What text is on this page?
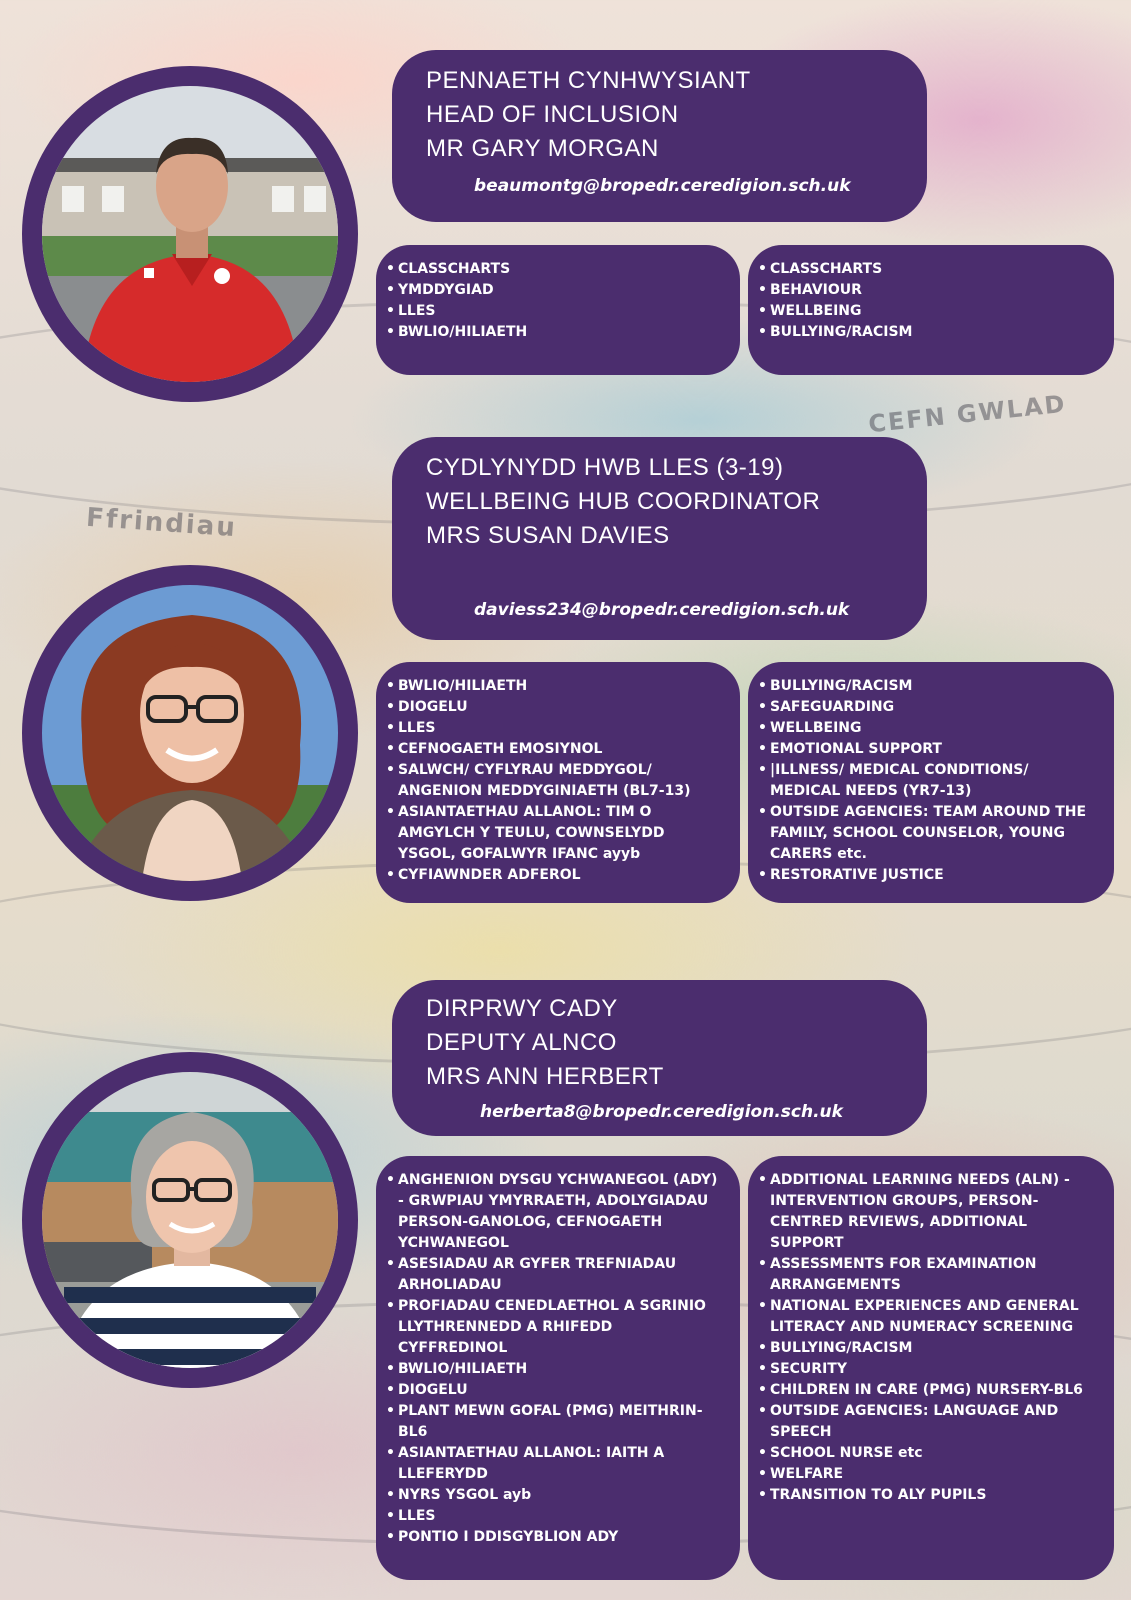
CEFN GWLAD
Ffrindiau
PENNAETH CYNHWYSIANT
HEAD OF INCLUSION
MR GARY MORGAN
beaumontg@bropedr.ceredigion.sch.uk
• CLASSCHARTS
• YMDDYGIAD
• LLES
• BWLIO/HILIAETH
• CLASSCHARTS
• BEHAVIOUR
• WELLBEING
• BULLYING/RACISM
CYDLYNYDD HWB LLES (3-19)
WELLBEING HUB COORDINATOR
MRS SUSAN DAVIES
daviess234@bropedr.ceredigion.sch.uk
• BWLIO/HILIAETH
• DIOGELU
• LLES
• CEFNOGAETH EMOSIYNOL
• SALWCH/ CYFLYRAU MEDDYGOL/ ANGENION MEDDYGINIAETH (BL7-13)
• ASIANTAETHAU ALLANOL: TIM O AMGYLCH Y TEULU, COWNSELYDD YSGOL, GOFALWYR IFANC ayyb
• CYFIAWNDER ADFEROL
• BULLYING/RACISM
• SAFEGUARDING
• WELLBEING
• EMOTIONAL SUPPORT
• |ILLNESS/ MEDICAL CONDITIONS/ MEDICAL NEEDS (YR7-13)
• OUTSIDE AGENCIES: TEAM AROUND THE FAMILY, SCHOOL COUNSELOR, YOUNG CARERS etc.
• RESTORATIVE JUSTICE
DIRPRWY CADY
DEPUTY ALNCO
MRS ANN HERBERT
herberta8@bropedr.ceredigion.sch.uk
• ANGHENION DYSGU YCHWANEGOL (ADY) - GRWPIAU YMYRRAETH, ADOLYGIADAU PERSON-GANOLOG, CEFNOGAETH YCHWANEGOL
• ASESIADAU AR GYFER TREFNIADAU ARHOLIADAU
• PROFIADAU CENEDLAETHOL A SGRINIO LLYTHRENNEDD A RHIFEDD CYFFREDINOL
• BWLIO/HILIAETH
• DIOGELU
• PLANT MEWN GOFAL (PMG) MEITHRIN-BL6
• ASIANTAETHAU ALLANOL: IAITH A LLEFERYDD
• NYRS YSGOL ayb
• LLES
• PONTIO I DDISGYBLION ADY
• ADDITIONAL LEARNING NEEDS (ALN) - INTERVENTION GROUPS, PERSON-CENTRED REVIEWS, ADDITIONAL SUPPORT
• ASSESSMENTS FOR EXAMINATION ARRANGEMENTS
• NATIONAL EXPERIENCES AND GENERAL LITERACY AND NUMERACY SCREENING
• BULLYING/RACISM
• SECURITY
• CHILDREN IN CARE (PMG) NURSERY-BL6
• OUTSIDE AGENCIES: LANGUAGE AND SPEECH
• SCHOOL NURSE etc
• WELFARE
• TRANSITION TO ALY PUPILS
